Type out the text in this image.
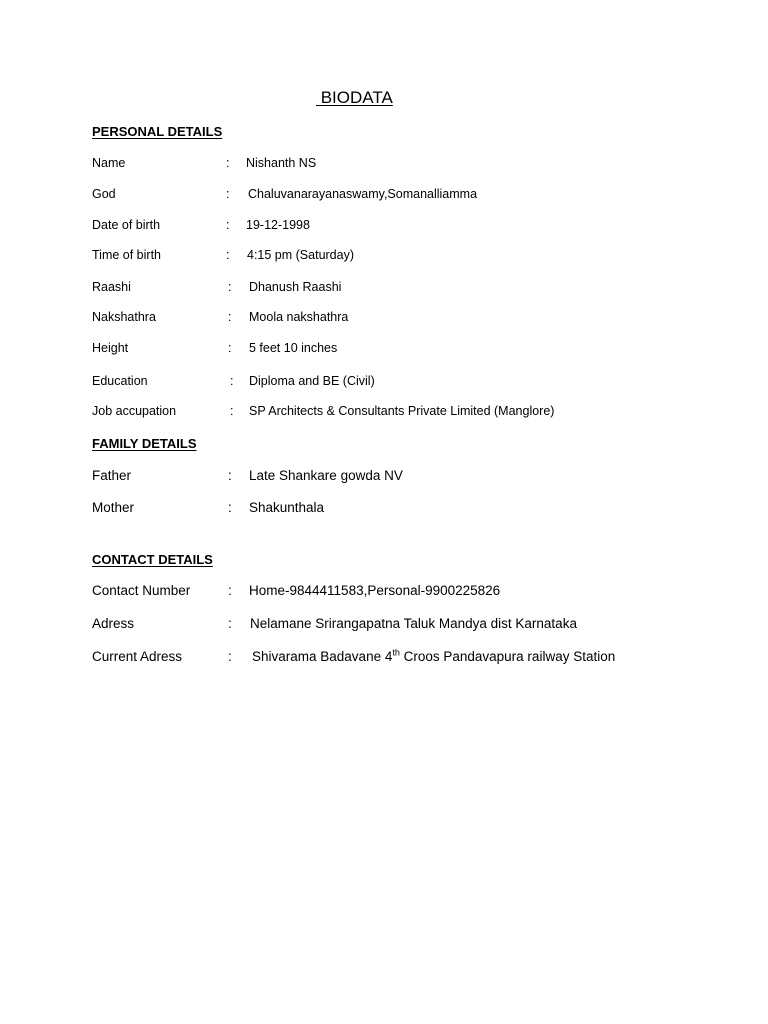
BIODATA
PERSONAL DETAILS
Name	: Nishanth NS
God	: Chaluvanarayanaswamy,Somanalliamma
Date of birth	: 19-12-1998
Time of birth	: 4:15 pm (Saturday)
Raashi	: Dhanush Raashi
Nakshathra	: Moola nakshathra
Height	: 5 feet 10 inches
Education	: Diploma and BE (Civil)
Job accupation	: SP Architects & Consultants Private Limited (Manglore)
FAMILY DETAILS
Father	: Late Shankare gowda NV
Mother	: Shakunthala
CONTACT DETAILS
Contact Number	: Home-9844411583,Personal-9900225826
Adress	: Nelamane Srirangapatna Taluk Mandya dist Karnataka
Current Adress	: Shivarama Badavane 4th Croos Pandavapura railway Station
